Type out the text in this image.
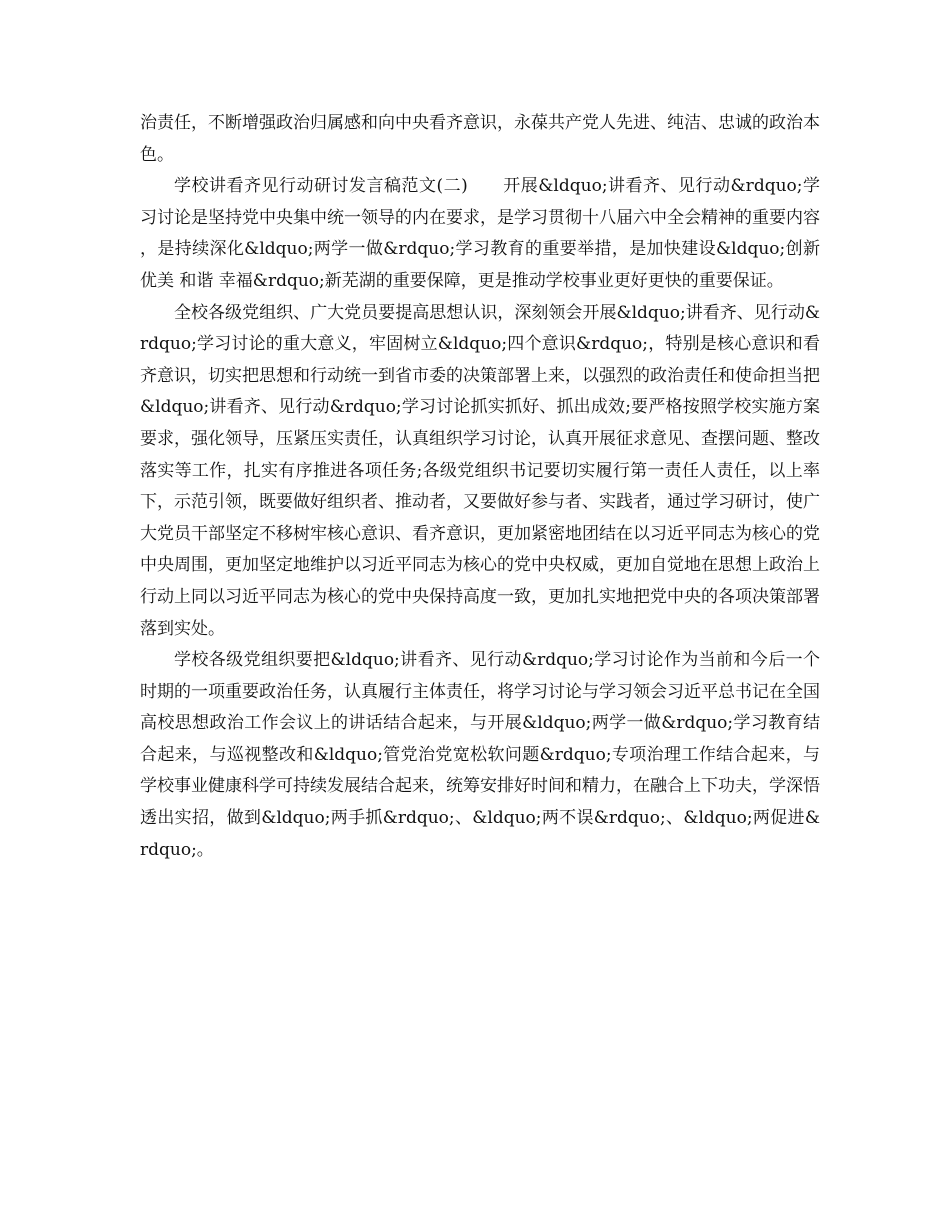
治责任，不断增强政治归属感和向中央看齐意识，永葆共产党人先进、纯洁、忠诚的政治本色。

学校讲看齐见行动研讨发言稿范文(二)　　开展&ldquo;讲看齐、见行动&rdquo;学习讨论是坚持党中央集中统一领导的内在要求，是学习贯彻十八届六中全会精神的重要内容，是持续深化&ldquo;两学一做&rdquo;学习教育的重要举措，是加快建设&ldquo;创新 优美 和谐 幸福&rdquo;新芜湖的重要保障，更是推动学校事业更好更快的重要保证。

全校各级党组织、广大党员要提高思想认识，深刻领会开展&ldquo;讲看齐、见行动&rdquo;学习讨论的重大意义，牢固树立&ldquo;四个意识&rdquo;，特别是核心意识和看齐意识，切实把思想和行动统一到省市委的决策部署上来，以强烈的政治责任和使命担当把&ldquo;讲看齐、见行动&rdquo;学习讨论抓实抓好、抓出成效;要严格按照学校实施方案要求，强化领导，压紧压实责任，认真组织学习讨论，认真开展征求意见、查摆问题、整改落实等工作，扎实有序推进各项任务;各级党组织书记要切实履行第一责任人责任，以上率下，示范引领，既要做好组织者、推动者，又要做好参与者、实践者，通过学习研讨，使广大党员干部坚定不移树牢核心意识、看齐意识，更加紧密地团结在以习近平同志为核心的党中央周围，更加坚定地维护以习近平同志为核心的党中央权威，更加自觉地在思想上政治上行动上同以习近平同志为核心的党中央保持高度一致，更加扎实地把党中央的各项决策部署落到实处。

学校各级党组织要把&ldquo;讲看齐、见行动&rdquo;学习讨论作为当前和今后一个时期的一项重要政治任务，认真履行主体责任，将学习讨论与学习领会习近平总书记在全国高校思想政治工作会议上的讲话结合起来，与开展&ldquo;两学一做&rdquo;学习教育结合起来，与巡视整改和&ldquo;管党治党宽松软问题&rdquo;专项治理工作结合起来，与学校事业健康科学可持续发展结合起来，统筹安排好时间和精力，在融合上下功夫，学深悟透出实招，做到&ldquo;两手抓&rdquo;、&ldquo;两不误&rdquo;、&ldquo;两促进&rdquo;。
